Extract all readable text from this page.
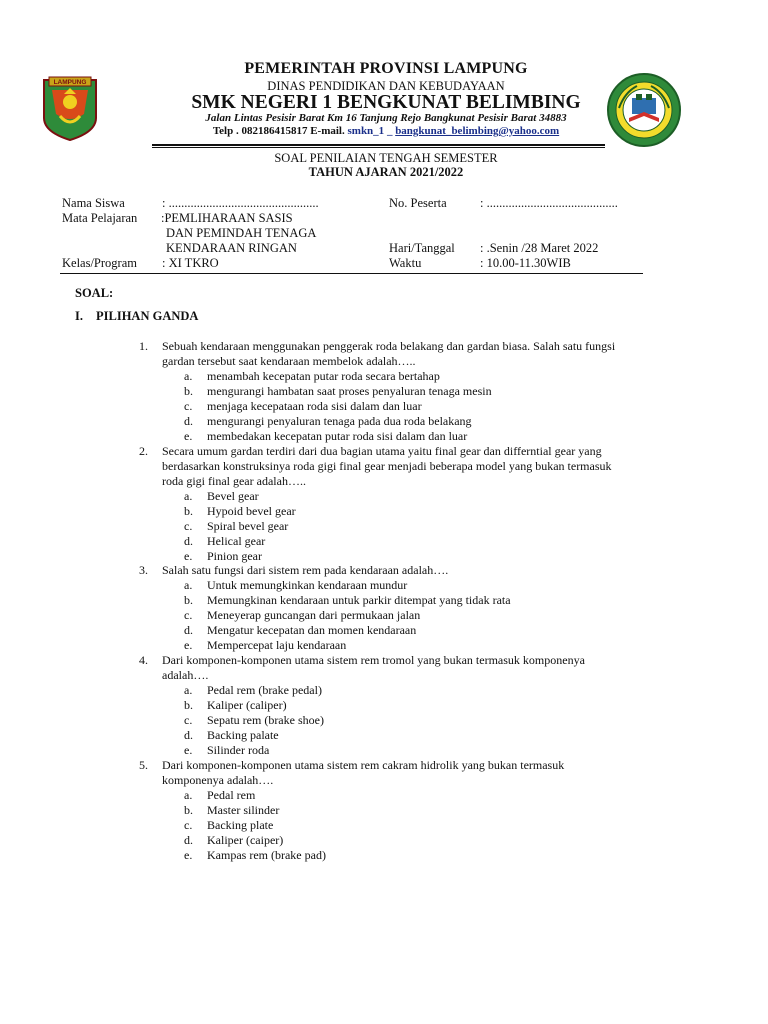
LAMPUNG
PEMERINTAH PROVINSI LAMPUNG
DINAS PENDIDIKAN DAN KEBUDAYAAN
SMK NEGERI 1 BENGKUNAT BELIMBING
Jalan Lintas Pesisir Barat Km 16 Tanjung Rejo Bangkunat Pesisir Barat 34883
Telp . 082186415817 E-mail. smkn_1 _ bangkunat_belimbing@yahoo.com
SOAL PENILAIAN TENGAH SEMESTER
TAHUN AJARAN 2021/2022
Nama Siswa	: ................................................	No. Peserta	: ..........................................
Mata Pelajaran :PEMLIHARAAN SASIS
DAN PEMINDAH TENAGA
KENDARAAN RINGAN	Hari/Tanggal : .Senin /28 Maret 2022
Kelas/Program : XI TKRO	Waktu	: 10.00-11.30WIB
SOAL:
I. PILIHAN GANDA
1. Sebuah kendaraan menggunakan penggerak roda belakang dan gardan biasa. Salah satu fungsi
gardan tersebut saat kendaraan membelok adalah…..
a.	menambah kecepatan putar roda secara bertahap
b.	mengurangi hambatan saat proses penyaluran tenaga mesin
c.	menjaga kecepataan roda sisi dalam dan luar
d.	mengurangi penyaluran tenaga pada dua roda belakang
e.	membedakan kecepatan putar roda sisi dalam dan luar
2. Secara umum gardan terdiri dari dua bagian utama yaitu final gear dan differntial gear yang
berdasarkan konstruksinya roda gigi final gear menjadi beberapa model yang bukan termasuk
roda gigi final gear adalah…..
a.	Bevel gear
b.	Hypoid bevel gear
c.	Spiral bevel gear
d.	Helical gear
e.	Pinion gear
3. Salah satu fungsi dari sistem rem pada kendaraan adalah….
a.	Untuk memungkinkan kendaraan mundur
b.	Memungkinan kendaraan untuk parkir ditempat yang tidak rata
c.	Meneyerap guncangan dari permukaan jalan
d.	Mengatur kecepatan dan momen kendaraan
e.	Mempercepat laju kendaraan
4. Dari komponen-komponen utama sistem rem tromol yang bukan termasuk komponenya
adalah….
a.	Pedal rem (brake pedal)
b.	Kaliper (caliper)
c.	Sepatu rem (brake shoe)
d.	Backing palate
e.	Silinder roda
5. Dari komponen-komponen utama sistem rem cakram hidrolik yang bukan termasuk
komponenya adalah….
a.	Pedal rem
b.	Master silinder
c.	Backing plate
d.	Kaliper (caiper)
e.	Kampas rem (brake pad)
